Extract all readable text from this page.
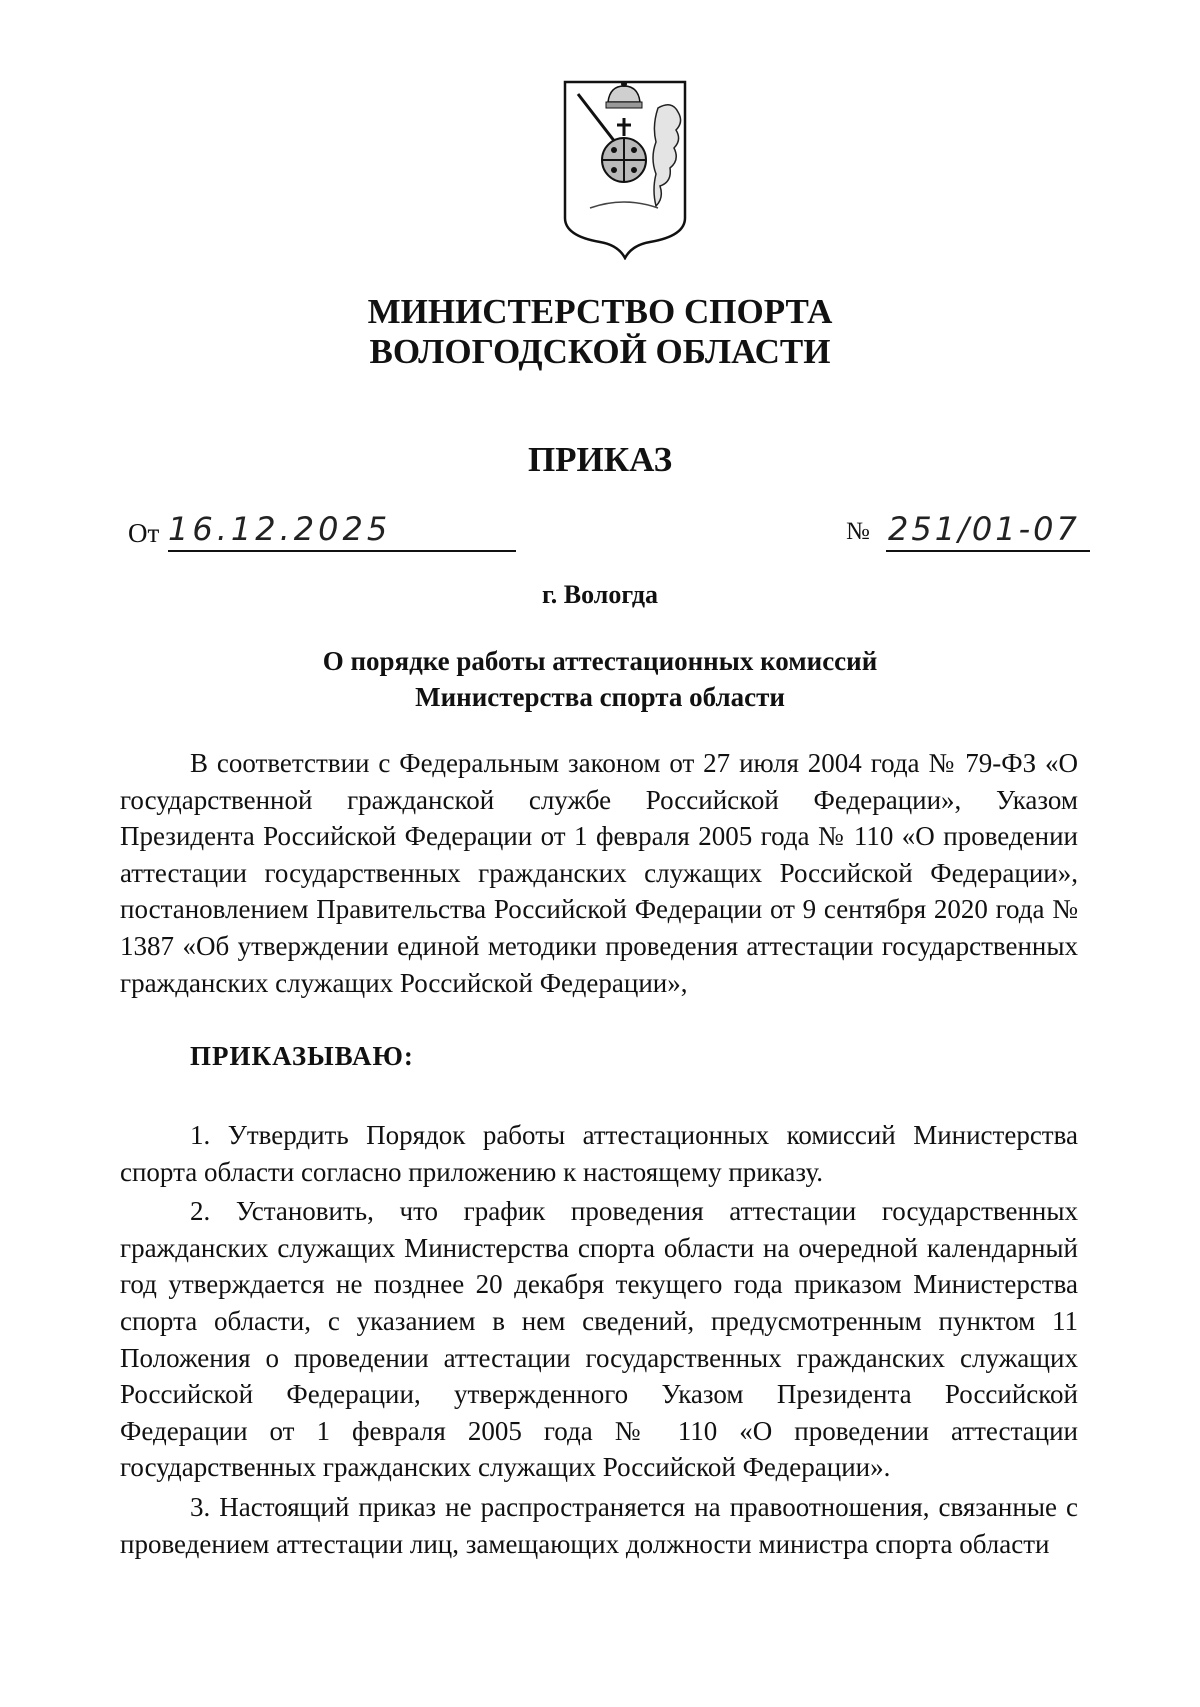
МИНИСТЕРСТВО СПОРТА
ВОЛОГОДСКОЙ ОБЛАСТИ
ПРИКАЗ
От 16.12.2025	№ 251/01-07
г. Вологда
О порядке работы аттестационных комиссий
Министерства спорта области

В соответствии с Федеральным законом от 27 июля 2004 года № 79-ФЗ «О государственной гражданской службе Российской Федерации», Указом Президента Российской Федерации от 1 февраля 2005 года № 110 «О проведении аттестации государственных гражданских служащих Российской Федерации», постановлением Правительства Российской Федерации от 9 сентября 2020 года № 1387 «Об утверждении единой методики проведения аттестации государственных гражданских служащих Российской Федерации»,

ПРИКАЗЫВАЮ:

1. Утвердить Порядок работы аттестационных комиссий Министерства спорта области согласно приложению к настоящему приказу.

2. Установить, что график проведения аттестации государственных гражданских служащих Министерства спорта области на очередной календарный год утверждается не позднее 20 декабря текущего года приказом Министерства спорта области, с указанием в нем сведений, предусмотренным пунктом 11 Положения о проведении аттестации государственных гражданских служащих Российской Федерации, утвержденного Указом Президента Российской Федерации от 1 февраля 2005 года № 110 «О проведении аттестации государственных гражданских служащих Российской Федерации».

3. Настоящий приказ не распространяется на правоотношения, связанные с проведением аттестации лиц, замещающих должности министра спорта области
